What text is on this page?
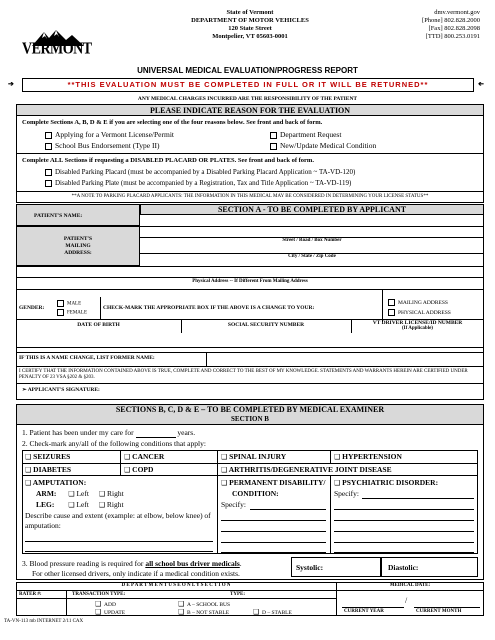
VERMONT
State of Vermont
DEPARTMENT OF MOTOR VEHICLES
120 State Street
Montpelier, VT 05603-0001
dmv.vermont.gov
[Phone] 802.828.2000
[Fax] 802.828.2098
[TTD] 800.253.0191
UNIVERSAL MEDICAL EVALUATION/PROGRESS REPORT
➔	**THIS EVALUATION MUST BE COMPLETED IN FULL OR IT WILL BE RETURNED**	➔
ANY MEDICAL CHARGES INCURRED ARE THE RESPONSIBILITY OF THE PATIENT
PLEASE INDICATE REASON FOR THE EVALUATION
Complete Sections A, B, D & E if you are selecting one of the four reasons below. See front and back of form.
Applying for a Vermont License/Permit	Department Request
School Bus Endorsement (Type II)	New/Update Medical Condition
Complete ALL Sections if requesting a DISABLED PLACARD OR PLATES. See front and back of form.
Disabled Parking Placard (must be accompanied by a Disabled Parking Placard Application ~ TA-VD-120)
Disabled Parking Plate (must be accompanied by a Registration, Tax and Title Application ~ TA-VD-119)
**A NOTE TO PARKING PLACARD APPLICANTS: THE INFORMATION IN THIS MEDICAL MAY BE CONSIDERED IN DETERMINING YOUR LICENSE STATUS**
SECTION A - TO BE COMPLETED BY APPLICANT
PATIENT'S NAME:
PATIENT'S
MAILING
ADDRESS:
Street / Road / Box Number
City / State / Zip Code
Physical Address -- If Different From Mailing Address
GENDER:
MALE
FEMALE
CHECK-MARK THE APPROPRIATE BOX IF THE ABOVE IS A CHANGE TO YOUR:
MAILING ADDRESS
PHYSICAL ADDRESS
DATE OF BIRTH	SOCIAL SECURITY NUMBER	VT DRIVER LICENSE/ID NUMBER
(If Applicable)
IF THIS IS A NAME CHANGE, LIST FORMER NAME:
I CERTIFY THAT THE INFORMATION CONTAINED ABOVE IS TRUE, COMPLETE AND CORRECT TO THE BEST OF MY KNOWLEDGE. STATEMENTS AND WARRANTS HEREIN ARE CERTIFIED UNDER PENALTY OF 23 VSA §202 & §203.
➢ APPLICANT'S SIGNATURE:
SECTIONS B, C, D & E – TO BE COMPLETED BY MEDICAL EXAMINER
SECTION B
1. Patient has been under my care for	years.
2. Check-mark any/all of the following conditions that apply:
❑ SEIZURES	❑ CANCER	❑ SPINAL INJURY	❑ HYPERTENSION
❑ DIABETES	❑ COPD	❑ ARTHRITIS/DEGENERATIVE JOINT DISEASE
❑ AMPUTATION:
ARM: ❑ Left ❑ Right
LEG: ❑ Left ❑ Right
Describe cause and extent (example: at elbow, below knee) of amputation:
❑ PERMANENT DISABILITY/
CONDITION:
Specify:
❑ PSYCHIATRIC DISORDER:
Specify:
3. Blood pressure reading is required for all school bus driver medicals.
For other licensed drivers, only indicate if a medical condition exists.
Systolic:	Diastolic:
D E P A R T M E N T U S E O N L Y S E C T I O N	MEDICAL DATE:
RATER #:	TRANSACTION TYPE:	TYPE:
❑ ADD
❑ UPDATE
❑ A – SCHOOL BUS
❑ B – NOT STABLE	❑ D – STABLE
/
CURRENT YEAR	CURRENT MONTH
TA-VN-113 mb INTERNET 2/11 CAX
